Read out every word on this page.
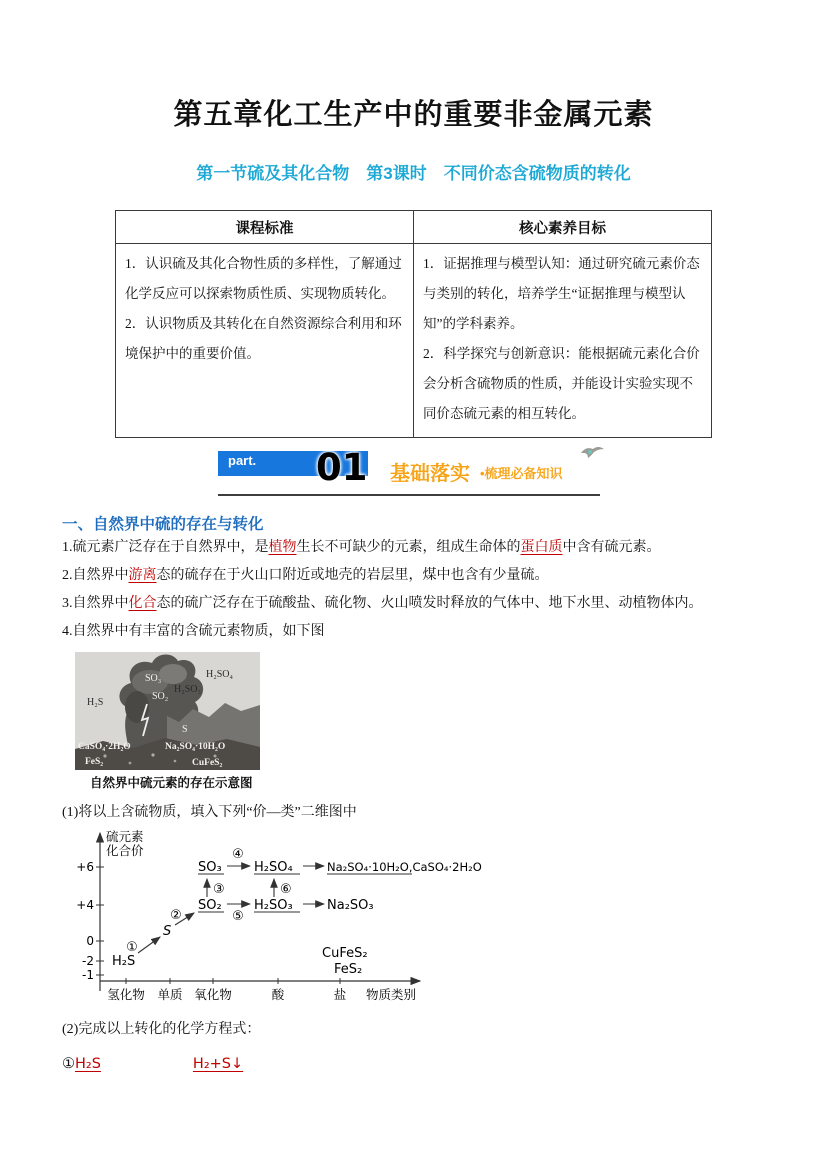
第五章化工生产中的重要非金属元素
第一节硫及其化合物　第3课时　不同价态含硫物质的转化
课程标准	核心素养目标

1．认识硫及其化合物性质的多样性，了解通过化学反应可以探索物质性质、实现物质转化。
2．认识物质及其转化在自然资源综合利用和环境保护中的重要价值。

1．证据推理与模型认知：通过研究硫元素价态与类别的转化，培养学生“证据推理与模型认知”的学科素养。
2．科学探究与创新意识：能根据硫元素化合价会分析含硫物质的性质，并能设计实验实现不同价态硫元素的相互转化。
part. 01 基础落实 •梳理必备知识
一、自然界中硫的存在与转化
1.硫元素广泛存在于自然界中，是植物生长不可缺少的元素，组成生命体的蛋白质中含有硫元素。
2.自然界中游离态的硫存在于火山口附近或地壳的岩层里，煤中也含有少量硫。
3.自然界中化合态的硫广泛存在于硫酸盐、硫化物、火山喷发时释放的气体中、地下水里、动植物体内。
4.自然界中有丰富的含硫元素物质，如下图
H₂S
SO₃
SO₂
H₂SO₃
H₂SO₄
S
CaSO₄·2H₂O
FeS₂
Na₂SO₄·10H₂O
CuFeS₂
自然界中硫元素的存在示意图
(1)将以上含硫物质，填入下列“价—类”二维图中
硫元素
化合价
+6
+4
0
-2
-1
氢化物 单质 氧化物	酸	盐 物质类别
H₂S
①
S
②
SO₂
SO₃
③
④
H₂SO₄	Na₂SO₄·10H₂O,CaSO₄·2H₂O
⑤
H₂SO₃
⑥
Na₂SO₃
CuFeS₂
FeS₂
(2)完成以上转化的化学方程式：
①H₂S	H₂+S↓
